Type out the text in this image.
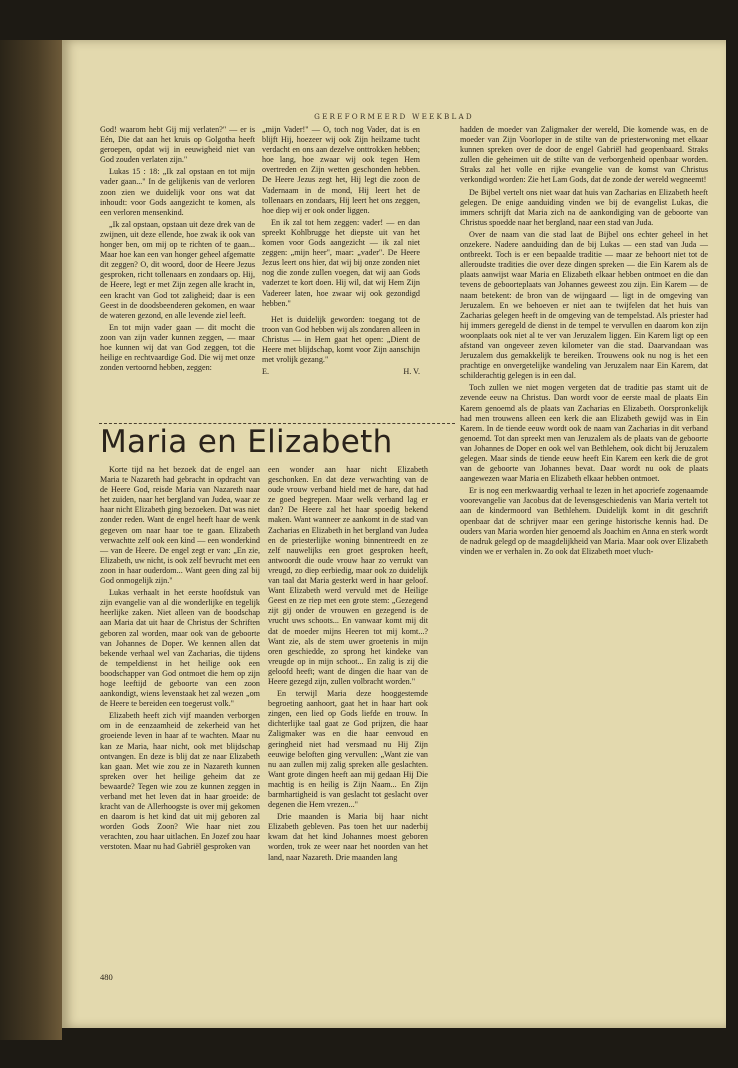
GEREFORMEERD WEEKBLAD

God! waarom hebt Gij mij verlaten?" — er is Eén, Die dat aan het kruis op Golgotha heeft geroepen, opdat wij in eeuwigheid niet van God zouden verlaten zijn."

Lukas 15 : 18: „Ik zal opstaan en tot mijn vader gaan..." In de gelijkenis van de verloren zoon zien we duidelijk voor ons wat dat inhoudt: voor Gods aangezicht te komen, als een verloren mensenkind.

„Ik zal opstaan, opstaan uit deze drek van de zwijnen, uit deze ellende, hoe zwak ik ook van honger ben, om mij op te richten of te gaan... Maar hoe kan een van honger geheel afgematte dit zeggen? O, dit woord, door de Heere Jezus gesproken, richt tollenaars en zondaars op. Hij, de Heere, legt er met Zijn zegen alle kracht in, een kracht van God tot zaligheid; daar is een Geest in de doodsbeenderen gekomen, en waar de wateren gezond, en alle levende ziel leeft.

En tot mijn vader gaan — dit mocht die zoon van zijn vader kunnen zeggen, — maar hoe kunnen wij dat van God zeggen, tot die heilige en rechtvaardige God. Die wij met onze zonden vertoornd hebben, zeggen:

„mijn Vader!" — O, toch nog Vader, dat is en blijft Hij, hoezeer wij ook Zijn heilzame tucht verdacht en ons aan dezelve onttrokken hebben; hoe lang, hoe zwaar wij ook tegen Hem overtreden en Zijn wetten geschonden hebben. De Heere Jezus zegt het, Hij legt die zoon de Vadernaam in de mond, Hij leert het de tollenaars en zondaars, Hij leert het ons zeggen, hoe diep wij er ook onder liggen.

En ik zal tot hem zeggen: vader! — en dan spreekt Kohlbrugge het diepste uit van het komen voor Gods aangezicht — ik zal niet zeggen: „mijn heer", maar: „vader". De Heere Jezus leert ons hier, dat wij bij onze zonden niet nog die zonde zullen voegen, dat wij aan Gods vaderzet te kort doen. Hij wil, dat wij Hem Zijn Vadereer laten, hoe zwaar wij ook gezondigd hebben."

Het is duidelijk geworden: toegang tot de troon van God hebben wij als zondaren alleen in Christus — in Hem gaat het open: „Dient de Heere met blijdschap, komt voor Zijn aanschijn met vrolijk gezang."

E.	H. V.

hadden de moeder van Zaligmaker der wereld, Die komende was, en de moeder van Zijn Voorloper in de stilte van de priesterwoning met elkaar kunnen spreken over de door de engel Gabriël had geopenbaard. Straks zullen die geheimen uit de stilte van de verborgenheid openbaar worden. Straks zal het volle en rijke evangelie van de komst van Christus verkondigd worden: Zie het Lam Gods, dat de zonde der wereld wegneemt!

De Bijbel vertelt ons niet waar dat huis van Zacharias en Elizabeth heeft gelegen. De enige aanduiding vinden we bij de evangelist Lukas, die immers schrijft dat Maria zich na de aankondiging van de geboorte van Christus spoedde naar het bergland, naar een stad van Juda.

Over de naam van die stad laat de Bijbel ons echter geheel in het onzekere. Nadere aanduiding dan de bij Lukas — een stad van Juda — ontbreekt. Toch is er een bepaalde traditie — maar ze behoort niet tot de alleroudste tradities die over deze dingen spreken — die Ein Karem als de plaats aanwijst waar Maria en Elizabeth elkaar hebben ontmoet en die dan tevens de geboorteplaats van Johannes geweest zou zijn. Ein Karem — de naam betekent: de bron van de wijngaard — ligt in de omgeving van Jeruzalem. En we behoeven er niet aan te twijfelen dat het huis van Zacharias gelegen heeft in de omgeving van de tempelstad. Als priester had hij immers geregeld de dienst in de tempel te vervullen en daarom kon zijn woonplaats ook niet al te ver van Jeruzalem liggen. Ein Karem ligt op een afstand van ongeveer zeven kilometer van die stad. Daarvandaan was Jeruzalem dus gemakkelijk te bereiken. Trouwens ook nu nog is het een prachtige en onvergetelijke wandeling van Jeruzalem naar Ein Karem, dat schilderachtig gelegen is in een dal.

Toch zullen we niet mogen vergeten dat de traditie pas stamt uit de zevende eeuw na Christus. Dan wordt voor de eerste maal de plaats Ein Karem genoemd als de plaats van Zacharias en Elizabeth. Oorspronkelijk had men trouwens alleen een kerk die aan Elizabeth gewijd was in Ein Karem. In de tiende eeuw wordt ook de naam van Zacharias in dit verband genoemd. Tot dan spreekt men van Jeruzalem als de plaats van de geboorte van Johannes de Doper en ook wel van Bethlehem, ook dicht bij Jeruzalem gelegen. Maar sinds de tiende eeuw heeft Ein Karem een kerk die de grot van de geboorte van Johannes bevat. Daar wordt nu ook de plaats aangewezen waar Maria en Elizabeth elkaar hebben ontmoet.

Er is nog een merkwaardig verhaal te lezen in het apocriefe zogenaamde voorevangelie van Jacobus dat de levensgeschiedenis van Maria vertelt tot aan de kindermoord van Bethlehem. Duidelijk komt in dit geschrift openbaar dat de schrijver maar een geringe historische kennis had. De ouders van Maria worden hier genoemd als Joachim en Anna en sterk wordt de nadruk gelegd op de maagdelijkheid van Maria. Maar ook over Elizabeth vinden we er verhalen in. Zo ook dat Elizabeth moet vluch-

Maria en Elizabeth

Korte tijd na het bezoek dat de engel aan Maria te Nazareth had gebracht in opdracht van de Heere God, reisde Maria van Nazareth naar het zuiden, naar het bergland van Judea, waar ze haar nicht Elizabeth ging bezoeken. Dat was niet zonder reden. Want de engel heeft haar de wenk gegeven om naar haar toe te gaan. Elizabeth verwachtte zelf ook een kind — een wonderkind — van de Heere. De engel zegt er van: „En zie, Elizabeth, uw nicht, is ook zelf bevrucht met een zoon in haar ouderdom... Want geen ding zal bij God onmogelijk zijn."

Lukas verhaalt in het eerste hoofdstuk van zijn evangelie van al die wonderlijke en tegelijk heerlijke zaken. Niet alleen van de boodschap aan Maria dat uit haar de Christus der Schriften geboren zal worden, maar ook van de geboorte van Johannes de Doper. We kennen allen dat bekende verhaal wel van Zacharias, die tijdens de tempeldienst in het heilige ook een boodschapper van God ontmoet die hem op zijn hoge leeftijd de geboorte van een zoon aankondigt, wiens levenstaak het zal wezen „om de Heere te bereiden een toegerust volk."

Elizabeth heeft zich vijf maanden verborgen om in de eenzaamheid de zekerheid van het groeiende leven in haar af te wachten. Maar nu kan ze Maria, haar nicht, ook met blijdschap ontvangen. En deze is blij dat ze naar Elizabeth kan gaan. Met wie zou ze in Nazareth kunnen spreken over het heilige geheim dat ze bewaarde? Tegen wie zou ze kunnen zeggen in verband met het leven dat in haar groeide: de kracht van de Allerhoogste is over mij gekomen en daarom is het kind dat uit mij geboren zal worden Gods Zoon? Wie haar niet zou verachten, zou haar uitlachen. En Jozef zou haar verstoten. Maar nu had Gabriël gesproken van

een wonder aan haar nicht Elizabeth geschonken. En dat deze verwachting van de oude vrouw verband hield met de hare, dat had ze goed begrepen. Maar welk verband lag er dan? De Heere zal het haar spoedig bekend maken. Want wanneer ze aankomt in de stad van Zacharias en Elizabeth in het bergland van Judea en de priesterlijke woning binnentreedt en ze zelf nauwelijks een groet gesproken heeft, antwoordt die oude vrouw haar zo verrukt van vreugd, zo diep eerbiedig, maar ook zo duidelijk van taal dat Maria gesterkt werd in haar geloof. Want Elizabeth werd vervuld met de Heilige Geest en ze riep met een grote stem: „Gezegend zijt gij onder de vrouwen en gezegend is de vrucht uws schoots... En vanwaar komt mij dit dat de moeder mijns Heeren tot mij komt...? Want zie, als de stem uwer groetenis in mijn oren geschiedde, zo sprong het kindeke van vreugde op in mijn schoot... En zalig is zij die geloofd heeft; want de dingen die haar van de Heere gezegd zijn, zullen volbracht worden."

En terwijl Maria deze hooggestemde begroeting aanhoort, gaat het in haar hart ook zingen, een lied op Gods liefde en trouw. In dichterlijke taal gaat ze God prijzen, die haar Zaligmaker was en die haar eenvoud en geringheid niet had versmaad nu Hij Zijn eeuwige beloften ging vervullen: „Want zie van nu aan zullen mij zalig spreken alle geslachten. Want grote dingen heeft aan mij gedaan Hij Die machtig is en heilig is Zijn Naam... En Zijn barmhartigheid is van geslacht tot geslacht over degenen die Hem vrezen..."

Drie maanden is Maria bij haar nicht Elizabeth gebleven. Pas toen het uur naderbij kwam dat het kind Johannes moest geboren worden, trok ze weer naar het noorden van het land, naar Nazareth. Drie maanden lang

480
